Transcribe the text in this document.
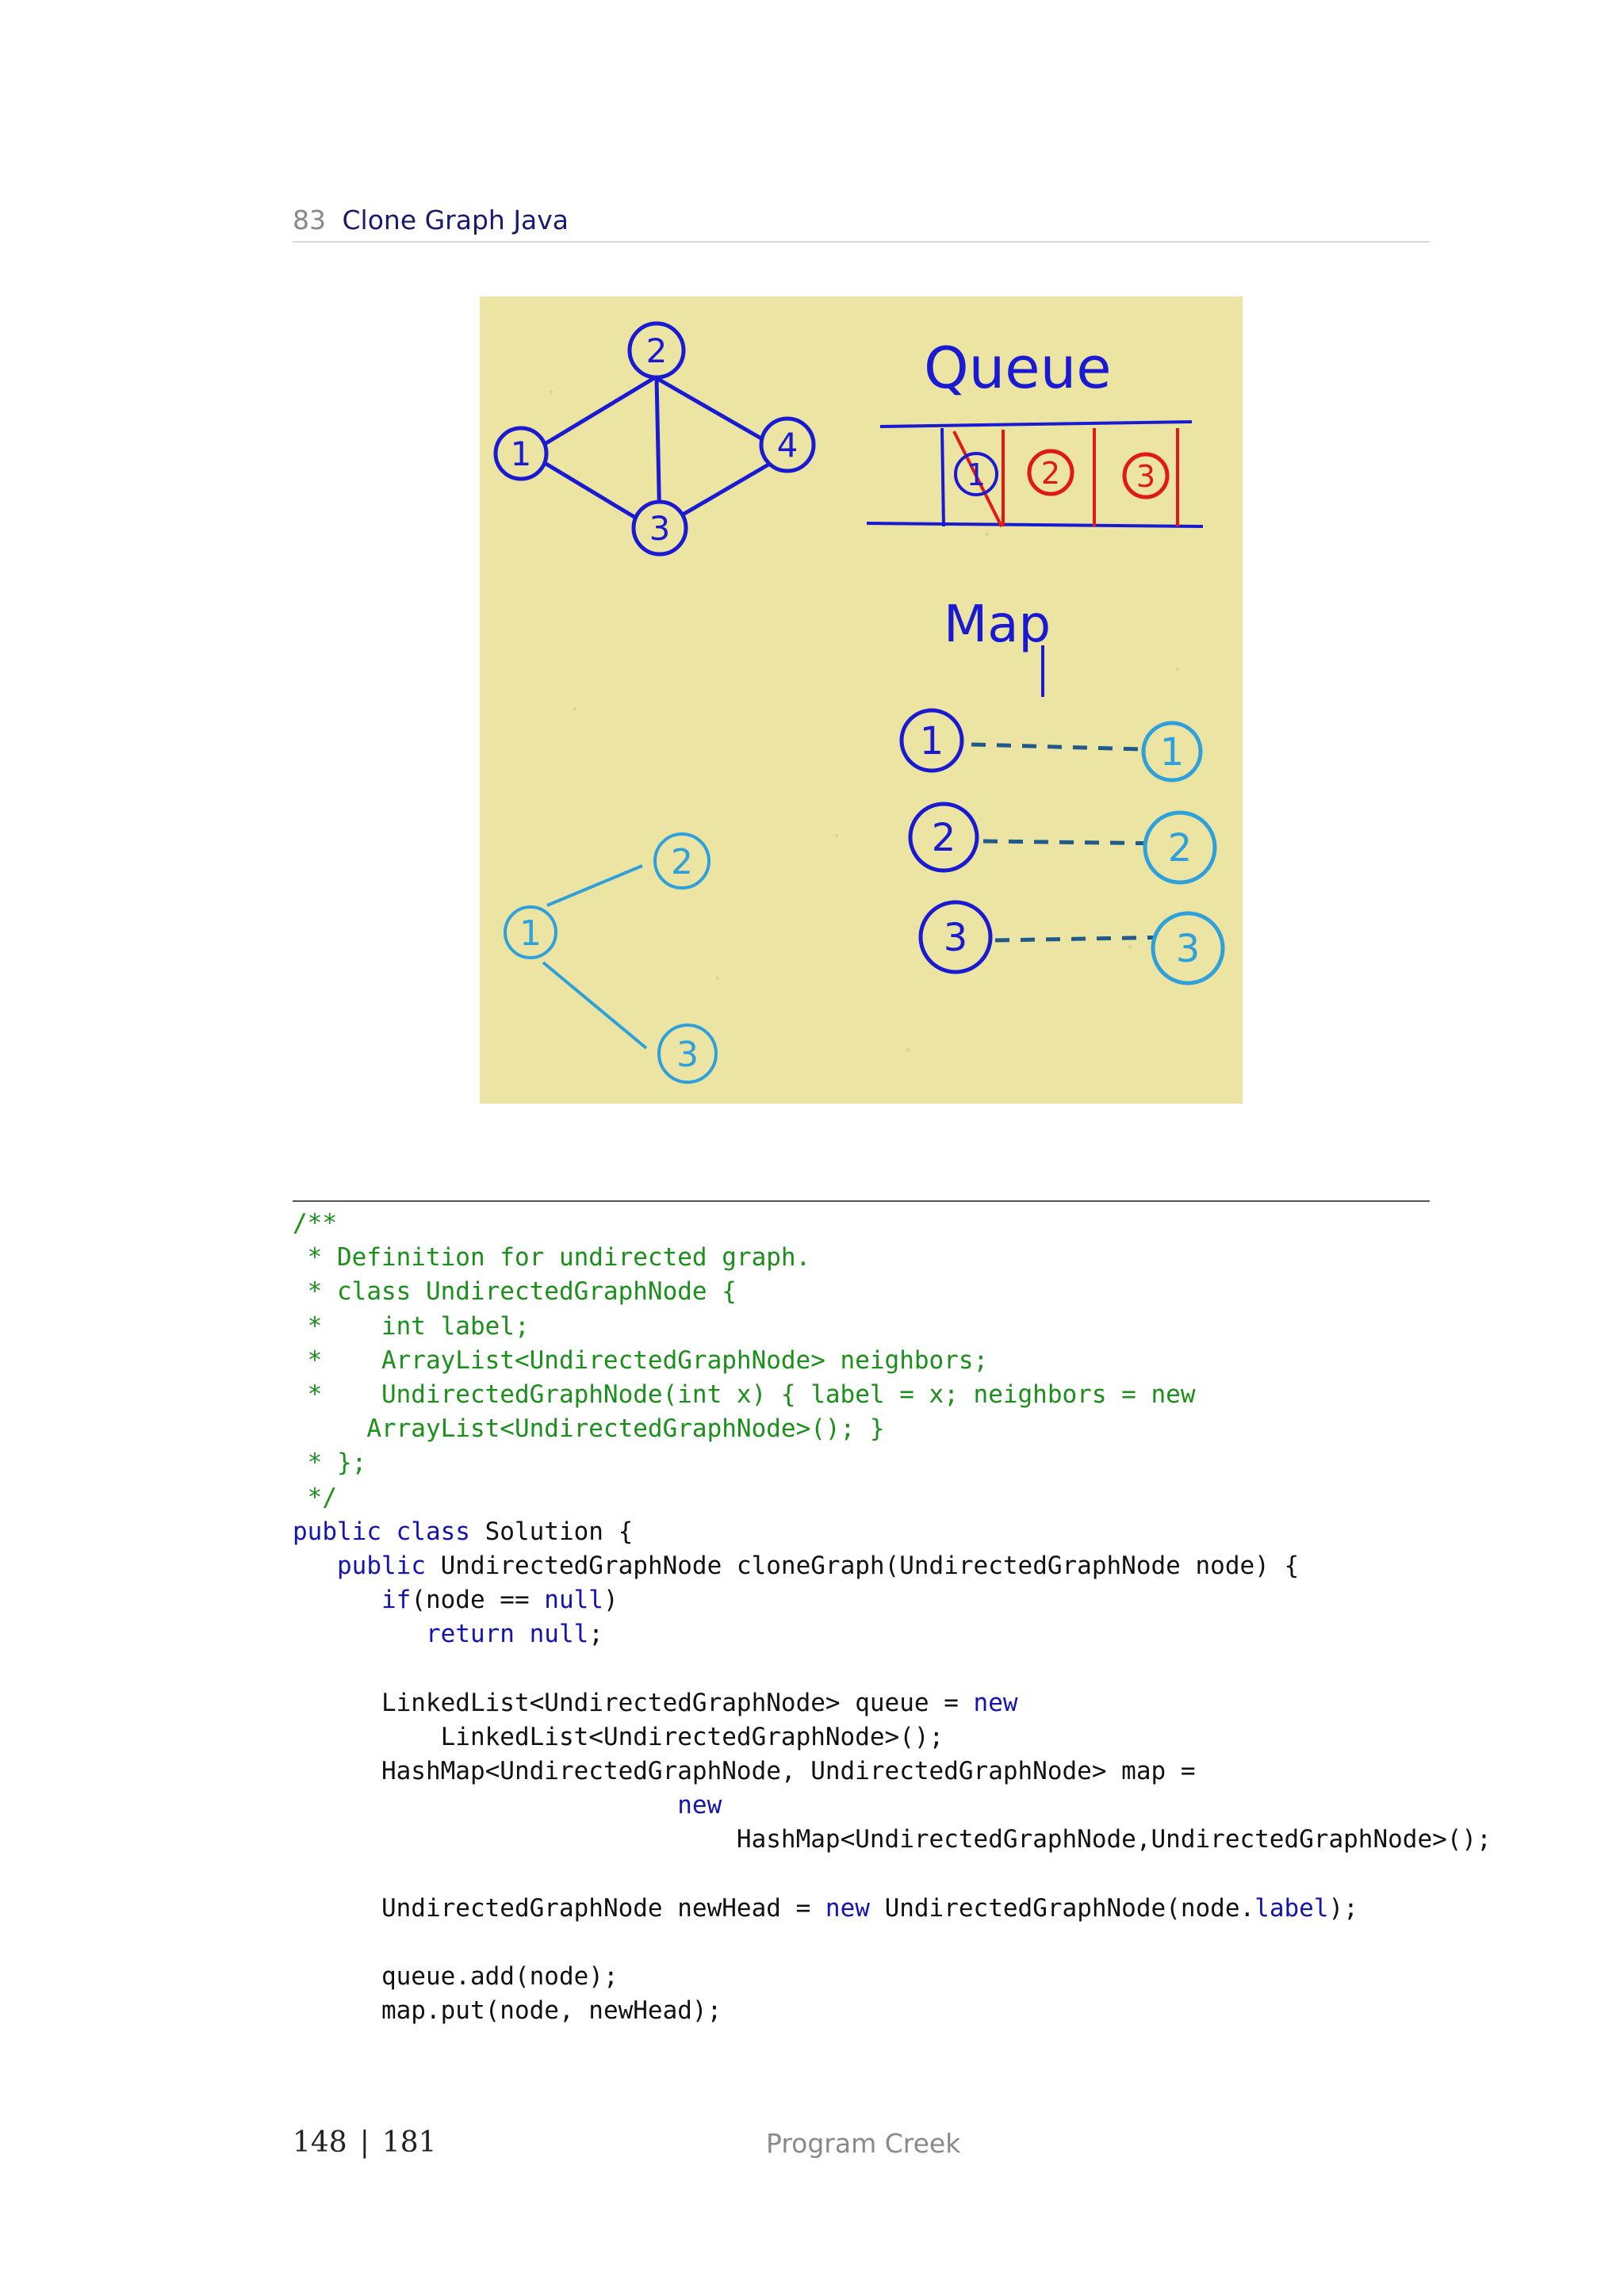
83 Clone Graph Java
1
2
3
4
Queue
1 2	3
Map
1
2
3
1
2
3
1
2
3
/**
* Definition for undirected graph.
* class UndirectedGraphNode {
*    int label;
*    ArrayList<UndirectedGraphNode> neighbors;
*    UndirectedGraphNode(int x) { label = x; neighbors = new
ArrayList<UndirectedGraphNode>(); }
* };
*/
public class Solution {
public UndirectedGraphNode cloneGraph(UndirectedGraphNode node) {
if(node == null)
return null;
LinkedList<UndirectedGraphNode> queue = new
LinkedList<UndirectedGraphNode>();
HashMap<UndirectedGraphNode, UndirectedGraphNode> map =
new
HashMap<UndirectedGraphNode,UndirectedGraphNode>();
UndirectedGraphNode newHead = new UndirectedGraphNode(node.label);
queue.add(node);
map.put(node, newHead);
148 | 181	Program Creek
